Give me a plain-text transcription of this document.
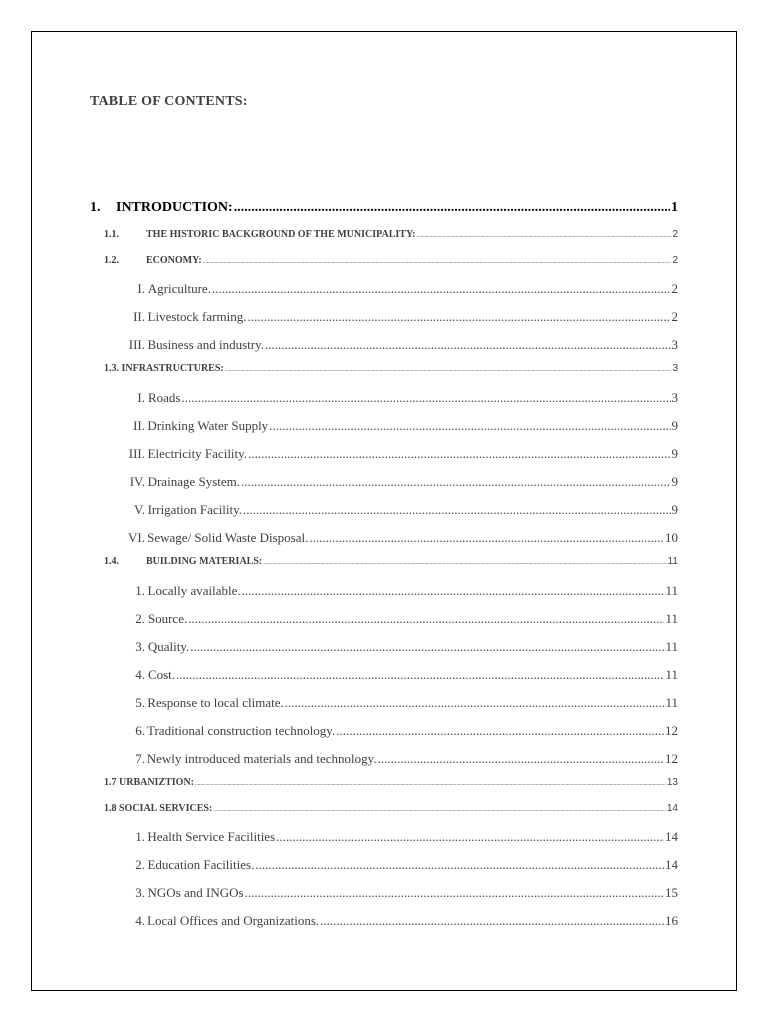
TABLE OF CONTENTS:
1.	INTRODUCTION: .....	1
1.1.	THE HISTORIC BACKGROUND OF THE MUNICIPALITY: .....	2
1.2.	ECONOMY: .....	2
I. Agriculture. .....	2
II. Livestock farming. .....	2
III. Business and industry. .....	3
1.3. INFRASTRUCTURES: .....	3
I. Roads .....	3
II. Drinking Water Supply .....	9
III. Electricity Facility. .....	9
IV. Drainage System. .....	9
V. Irrigation Facility. .....	9
VI. Sewage/ Solid Waste Disposal. .....	10
1.4.	BUILDING MATERIALS: .....	11
1. Locally available. .....	11
2. Source. .....	11
3. Quality. .....	11
4. Cost. .....	11
5. Response to local climate. .....	11
6. Traditional construction technology. .....	12
7. Newly introduced materials and technology. .....	12
1.7 URBANIZTION: .....	13
1.8 SOCIAL SERVICES: .....	14
1. Health Service Facilities .....	14
2. Education Facilities. .....	14
3. NGOs and INGOs .....	15
4. Local Offices and Organizations. .....	16
